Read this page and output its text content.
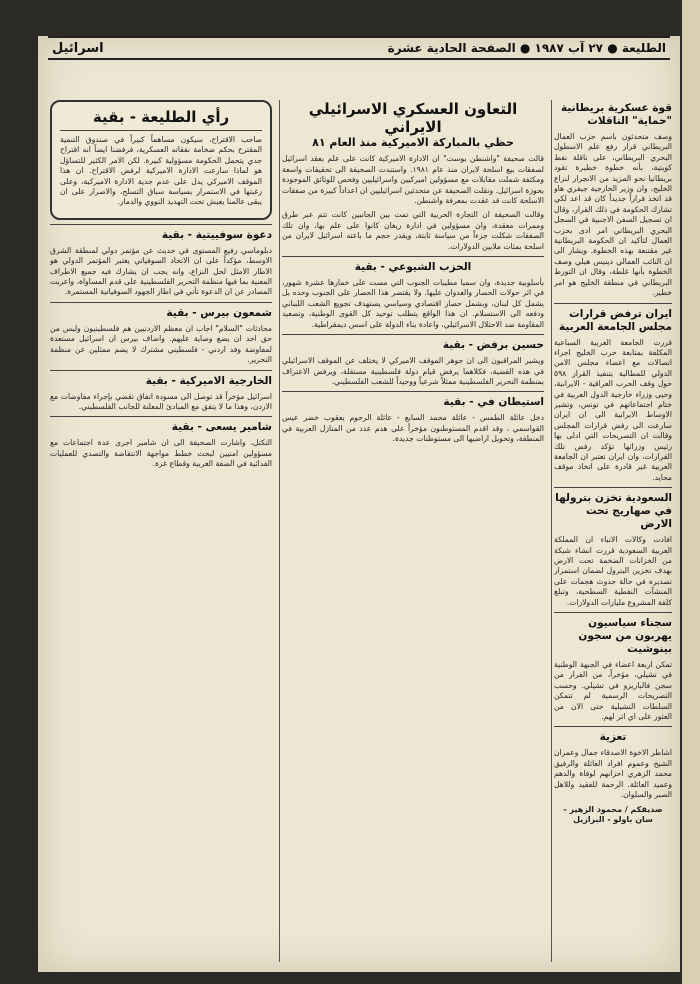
الطليعة ● ٢٧ آب ١٩٨٧ ● الصفحة الحادية عشرة
اسرائيل
قوة عسكرية بريطانية "حماية" الناقلات

وصف متحدثون باسم حزب العمال البريطاني قرار رفع علم الاسطول البحري البريطاني، على ناقلة نفط كويتية، بأنه خطوة خطيرة تقود بريطانيا نحو المزيد من الانجرار لنزاع الخليج، وان وزير الخارجية جيفري هاو قد اتخذ قراراً جديداً كان قد اعد لكي تشارك الحكومة في ذلك القرار، وقال ان تسجيل السفن الاجنبية في السجل البحري البريطاني امر ادى بحزب العمال لتأكيد ان الحكومة البريطانية غير مقتنعة بهذه الخطوة. ويشار الى ان النائب العمالي دينيس هيلي وصف الخطوة بأنها غلطة، وقال ان التورط البريطاني في منطقة الخليج هو امر خطير.

ايران ترفض قرارات مجلس الجامعة العربية

قررت الجامعة العربية السباعية المكلفة بمتابعة حرب الخليج اجراء اتصالات مع اعضاء مجلس الامن الدولي للمطالبة بتنفيذ القرار ٥٩٨ حول وقف الحرب العراقية - الايرانية، وحيى وزراء خارجية الدول العربية في ختام اجتماعاتهم في تونس، وتشير الاوساط الايرانية الى ان ايران سارعت الى رفض قرارات المجلس وقالت ان التصريحات التي ادلى بها رئيس وزرائها تؤكد رفض تلك القرارات، وان ايران تعتبر ان الجامعة العربية غير قادرة على اتخاذ موقف محايد.

السعودية تخزن بترولها في صهاريج تحت الارض

افادت وكالات الانباء ان المملكة العربية السعودية قررت انشاء شبكة من الخزانات الضخمة تحت الارض بهدف تخزين البترول لضمان استمرار تصديره في حالة حدوث هجمات على المنشآت النفطية السطحية، وتبلغ كلفة المشروع مليارات الدولارات.

سجناء سياسيون يهربون من سجون بينوشيت

تمكن اربعة اعضاء في الجبهة الوطنية في تشيلي، مؤخراً، من الفرار من سجن فالباريزو في تشيلي. وحسب التصريحات الرسمية لم تتمكن السلطات التشيلية حتى الان من العثور على اي اثر لهم.

تعزية

اشاطر الاخوة الاصدقاء جمال وعمران الشيخ وعموم افراد العائلة والرفيق محمد الزهري احزانهم لوفاة والدهم وعميد العائلة. الرحمة للفقيد وللاهل الصبر والسلوان.

صديقكم / محمود الزهير - سان باولو - البرازيل
التعاون العسكري الاسرائيلي الايراني
حظي بالمباركة الاميركية منذ العام ٨١

قالت صحيفة "واشنطن بوست" ان الادارة الاميركية كانت على علم بعقد اسرائيل لصفقات بيع اسلحة لايران منذ عام ١٩٨١. واستندت الصحيفة الى تحقيقات واسعة ومكثفة شملت مقابلات مع مسؤولين اميركيين واسرائيليين وفحص للوثائق الموجودة بحوزة اسرائيل. ونقلت الصحيفة عن متحدثين اسرائيليين ان اعداداً كبيرة من صفقات الاسلحة كانت قد عقدت بمعرفة واشنطن.

وقالت الصحيفة ان التجارة الحربية التي تمت بين الجانبين كانت تتم عبر طرق وممرات معقدة، وان مسؤولين في ادارة ريغان كانوا على علم بها، وان تلك الصفقات شكلت جزءاً من سياسة ثابتة، ويقدر حجم ما باعته اسرائيل لايران من اسلحة بمئات ملايين الدولارات.

الحزب الشيوعي - بقية

بأسلوبية جديدة، وان سميا مطيبات الجنوب التي مست على خمارها عشرة شهور، في اثر حولات الحصار والعدوان عليها. ولا يقتصر هذا الحصار على الجنوب وحده بل يشمل كل لبنان، وبشمل حصار اقتصادي وسياسي يستهدف تجويع الشعب اللبناني ودفعه الى الاستسلام. ان هذا الواقع يتطلب توحيد كل القوى الوطنية، وتصعيد المقاومة ضد الاحتلال الاسرائيلي، واعادة بناء الدولة على اسس ديمقراطية.

حسين برفض - بقية

ويشير المراقبون الى ان جوهر الموقف الاميركي لا يختلف عن الموقف الاسرائيلي في هذه القضية، فكلاهما يرفض قيام دولة فلسطينية مستقلة، ويرفض الاعتراف بمنظمة التحرير الفلسطينية ممثلاً شرعياً ووحيداً للشعب الفلسطيني.

استيطان في - بقية

دخل عائلة الطمس - عائلة محمد السابع - عائلة الرحوم يعقوب خضر عيس القواسمي ، وقد اقدم المستوطنون مؤخراً على هدم عدد من المنازل العربية في المنطقة، وتحويل اراضيها الى مستوطنات جديدة.

رأي الطليعة - بقية

صاحب الاقتراح، سيكون مساهماً كبيراً في صندوق التنمية المقترح بحكم ضخامة نفقاته العسكرية، فرفضنا ايضاً انه اقتراح جدي يتحمل الحكومة مسؤولية كبيرة. لكن الامر الكثير للتساؤل هو لماذا سارعت الادارة الاميركية لرفض الاقتراح. ان هذا الموقف الاميركي يدل على عدم جدية الادارة الاميركية، وعلى رغبتها في الاستمرار بسياسة سباق التسلح، والاصرار على ان يبقى عالمنا يعيش تحت التهديد النووي والدمار.

دعوة سوفييتية - بقية

دبلوماسي رفيع المستوى في حديث عن مؤتمر دولي لمنطقة الشرق الاوسط، مؤكداً على ان الاتحاد السوفياتي يعتبر المؤتمر الدولي هو الاطار الامثل لحل النزاع، وانه يجب ان يشارك فيه جميع الاطراف المعنية بما فيها منظمة التحرير الفلسطينية على قدم المساواة، واعربت المصادر عن ان الدعوة تأتي في اطار الجهود السوفياتية المستمرة.

شمعون بيرس - بقية

محادثات "السلام" اجاب ان معظم الاردنيين هم فلسطينيون وليس من حق احد ان يضع وصاية عليهم. واضاف بيرس ان اسرائيل مستعدة لمفاوضة وفد اردني - فلسطيني مشترك لا يضم ممثلين عن منظمة التحرير.

الخارجية الاميركية - بقية

اسرائيل مؤخراً قد توصل الى مسودة اتفاق تقضي بإجراء مفاوضات مع الاردن، وهذا ما لا يتفق مع المبادئ المعلنة للجانب الفلسطيني.

شامير يسعى - بقية

التكتل، واشارت الصحيفة الى ان شامير اجرى عدة اجتماعات مع مسؤولين امنيين لبحث خطط مواجهة الانتفاضة والتصدي للعمليات الفدائية في الضفة الغربية وقطاع غزة.
